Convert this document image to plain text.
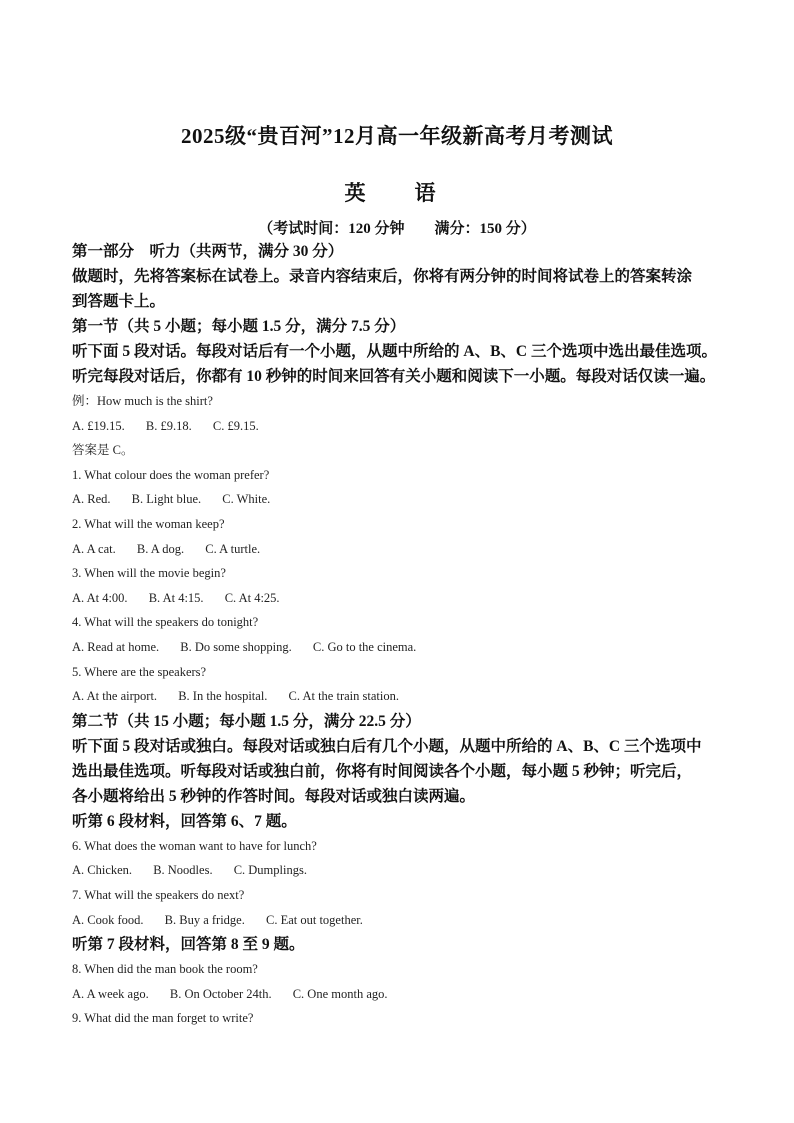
2025级“贵百河”12月高一年级新高考月考测试
英　语
（考试时间：120 分钟　　满分：150 分）
第一部分　听力（共两节，满分 30 分）
做题时，先将答案标在试卷上。录音内容结束后，你将有两分钟的时间将试卷上的答案转涂
到答题卡上。
第一节（共 5 小题；每小题 1.5 分，满分 7.5 分）
听下面 5 段对话。每段对话后有一个小题，从题中所给的 A、B、C 三个选项中选出最佳选项。
听完每段对话后，你都有 10 秒钟的时间来回答有关小题和阅读下一小题。每段对话仅读一遍。
例：How much is the shirt?
A. £19.15. B. £9.18. C. £9.15.
答案是 C。
1. What colour does the woman prefer?
A. Red. B. Light blue. C. White.
2. What will the woman keep?
A. A cat. B. A dog. C. A turtle.
3. When will the movie begin?
A. At 4:00. B. At 4:15. C. At 4:25.
4. What will the speakers do tonight?
A. Read at home. B. Do some shopping. C. Go to the cinema.
5. Where are the speakers?
A. At the airport. B. In the hospital. C. At the train station.
第二节（共 15 小题；每小题 1.5 分，满分 22.5 分）
听下面 5 段对话或独白。每段对话或独白后有几个小题，从题中所给的 A、B、C 三个选项中
选出最佳选项。听每段对话或独白前，你将有时间阅读各个小题，每小题 5 秒钟；听完后，
各小题将给出 5 秒钟的作答时间。每段对话或独白读两遍。
听第 6 段材料，回答第 6、7 题。
6. What does the woman want to have for lunch?
A. Chicken. B. Noodles. C. Dumplings.
7. What will the speakers do next?
A. Cook food. B. Buy a fridge. C. Eat out together.
听第 7 段材料，回答第 8 至 9 题。
8. When did the man book the room?
A. A week ago. B. On October 24th. C. One month ago.
9. What did the man forget to write?
